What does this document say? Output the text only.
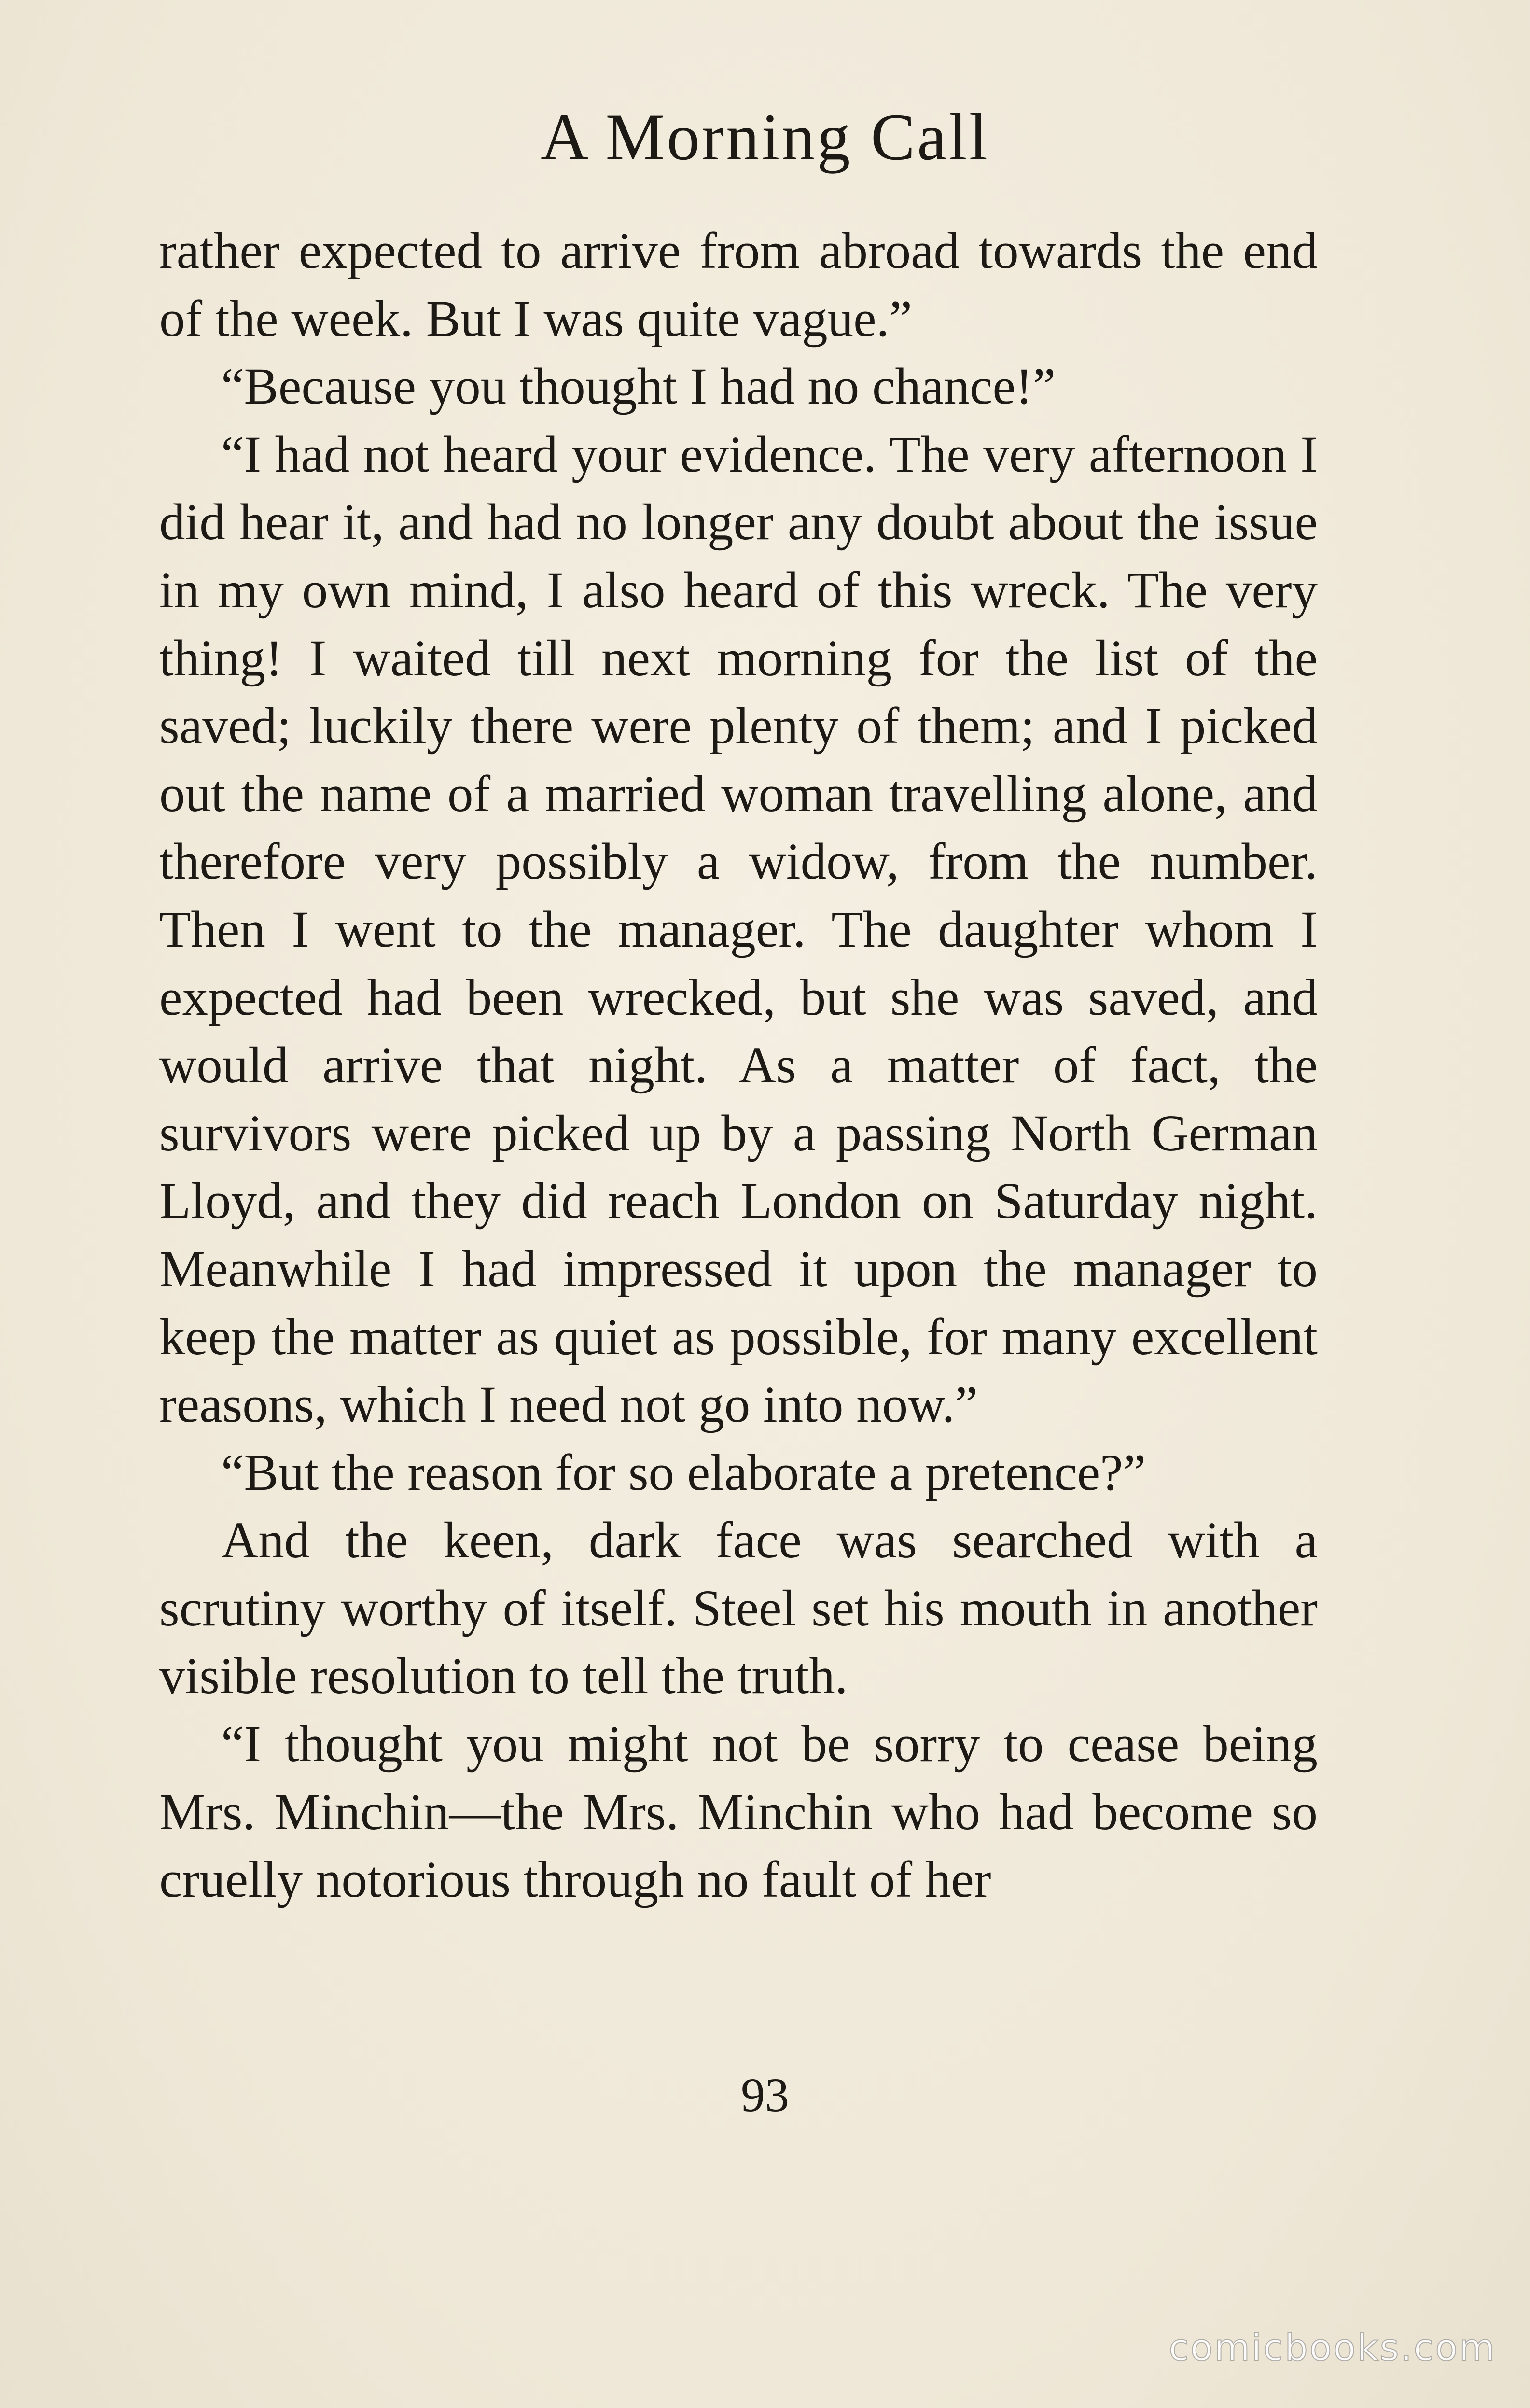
A Morning Call

rather expected to arrive from abroad towards the end of the week. But I was quite vague.”

“Because you thought I had no chance!”

“I had not heard your evidence. The very afternoon I did hear it, and had no longer any doubt about the issue in my own mind, I also heard of this wreck. The very thing! I waited till next morning for the list of the saved; luckily there were plenty of them; and I picked out the name of a married woman travelling alone, and therefore very possibly a widow, from the number. Then I went to the manager. The daughter whom I expected had been wrecked, but she was saved, and would arrive that night. As a matter of fact, the survivors were picked up by a passing North German Lloyd, and they did reach London on Saturday night. Meanwhile I had impressed it upon the manager to keep the matter as quiet as possible, for many excellent reasons, which I need not go into now.”

“But the reason for so elaborate a pretence?”

And the keen, dark face was searched with a scrutiny worthy of itself. Steel set his mouth in another visible resolution to tell the truth.

“I thought you might not be sorry to cease being Mrs. Minchin—the Mrs. Minchin who had become so cruelly notorious through no fault of her

93
comicbooks.com
